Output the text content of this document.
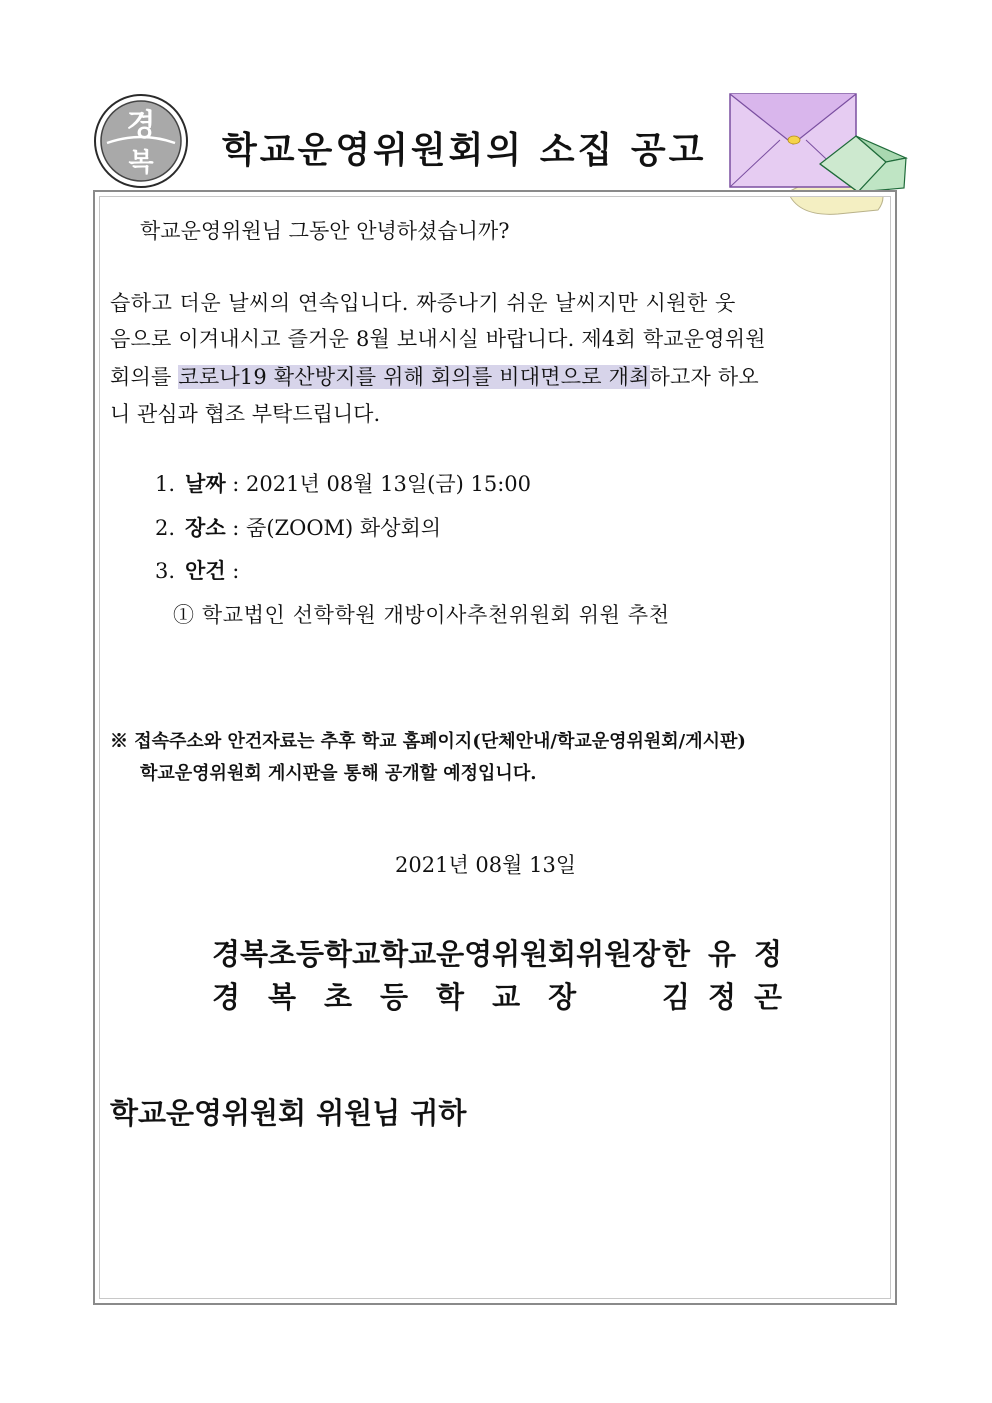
경
복 학교운영위원회의 소집 공고
학교운영위원님 그동안 안녕하셨습니까?
습하고 더운 날씨의 연속입니다. 짜증나기 쉬운 날씨지만 시원한 웃
음으로 이겨내시고 즐거운 8월 보내시실 바랍니다. 제4회 학교운영위원
회의를 코로나19 확산방지를 위해 회의를 비대면으로 개최하고자 하오
니 관심과 협조 부탁드립니다.
1. 날짜 : 2021년 08월 13일(금) 15:00
2. 장소 : 줌(ZOOM) 화상회의
3. 안건 :
① 학교법인 선학학원 개방이사추천위원회 위원 추천
※ 접속주소와 안건자료는 추후 학교 홈페이지(단체안내/학교운영위원회/게시판)
학교운영위원회 게시판을 통해 공개할 예정입니다.
2021년 08월 13일
경복초등학교학교운영위원회위원장 한유정
경복초등학교장 김정곤
학교운영위원회 위원님 귀하
